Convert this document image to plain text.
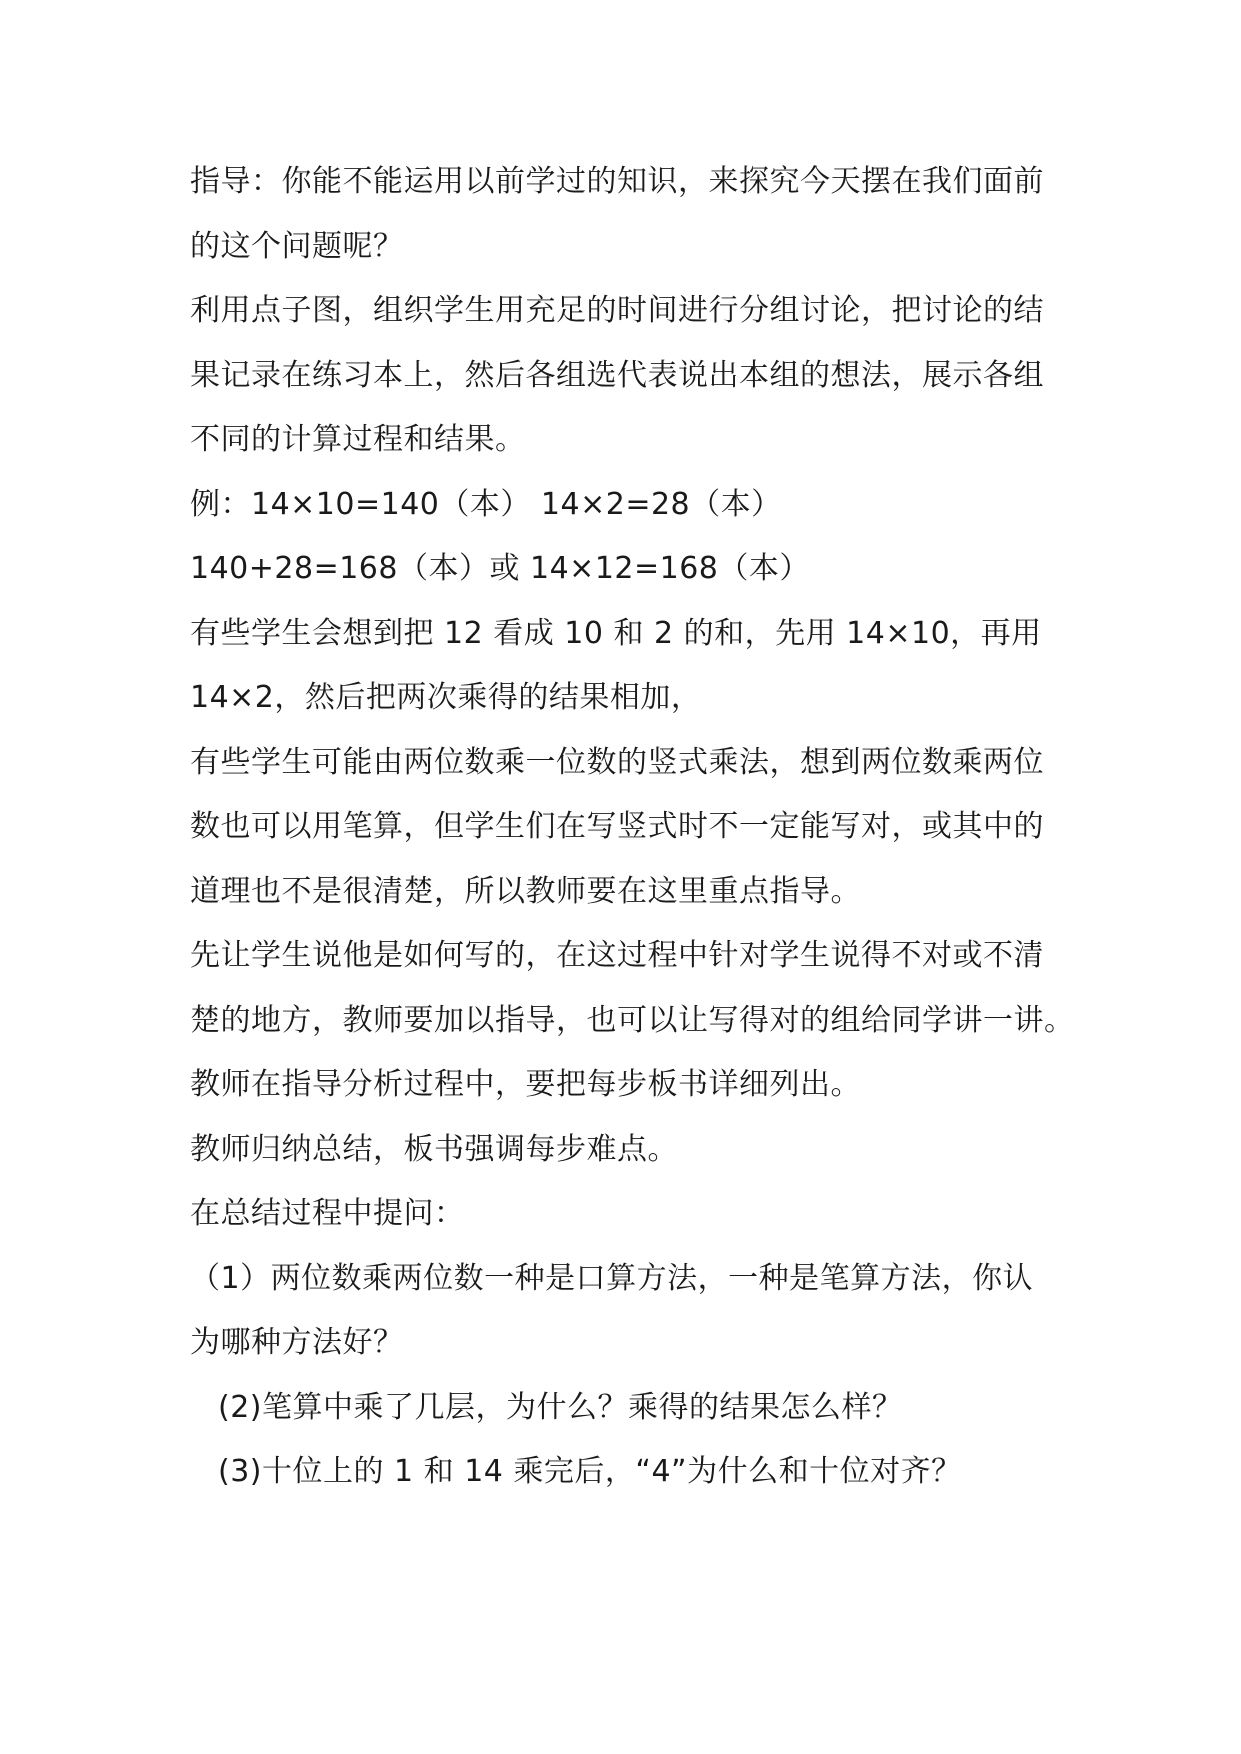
指导：你能不能运用以前学过的知识，来探究今天摆在我们面前
的这个问题呢？
利用点子图，组织学生用充足的时间进行分组讨论，把讨论的结
果记录在练习本上，然后各组选代表说出本组的想法，展示各组
不同的计算过程和结果。
例：14×10=140（本） 14×2=28（本）
140+28=168（本）或 14×12=168（本）
有些学生会想到把 12 看成 10 和 2 的和，先用 14×10，再用
14×2，然后把两次乘得的结果相加，
有些学生可能由两位数乘一位数的竖式乘法，想到两位数乘两位
数也可以用笔算，但学生们在写竖式时不一定能写对，或其中的
道理也不是很清楚，所以教师要在这里重点指导。
先让学生说他是如何写的，在这过程中针对学生说得不对或不清
楚的地方，教师要加以指导，也可以让写得对的组给同学讲一讲。
教师在指导分析过程中，要把每步板书详细列出。
教师归纳总结，板书强调每步难点。
在总结过程中提问：
（1）两位数乘两位数一种是口算方法，一种是笔算方法，你认
为哪种方法好？
(2)笔算中乘了几层，为什么？乘得的结果怎么样？
(3)十位上的 1 和 14 乘完后，“4”为什么和十位对齐？
